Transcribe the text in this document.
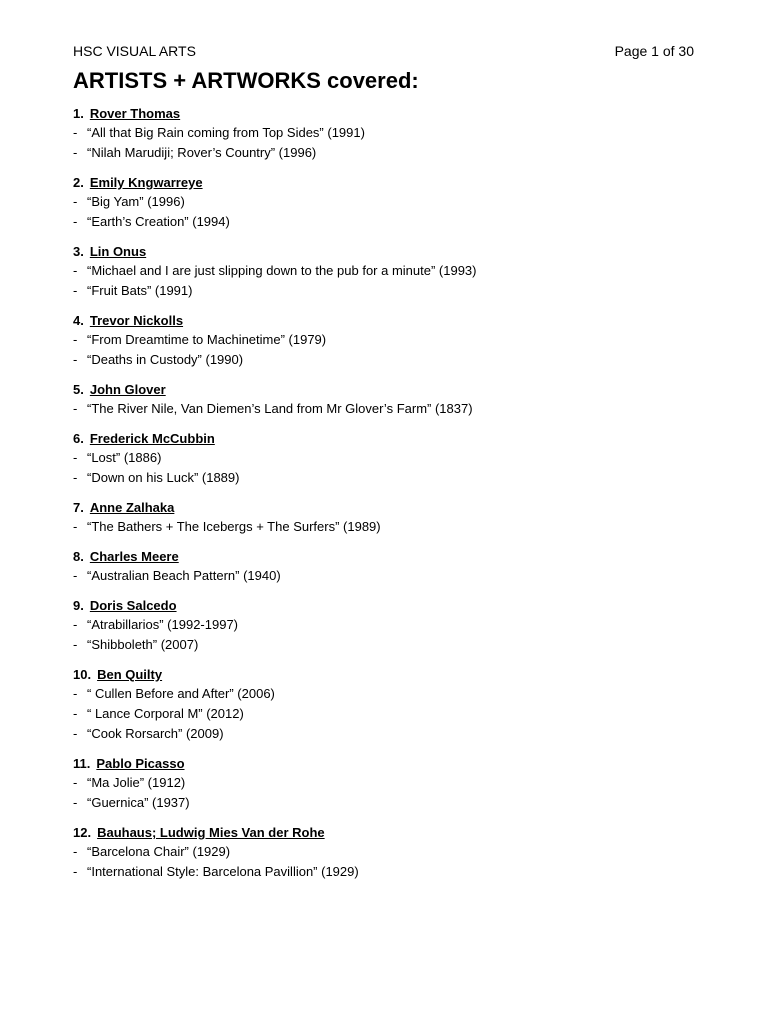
HSC VISUAL ARTS	Page 1 of 30
ARTISTS + ARTWORKS covered:
1. Rover Thomas
- “All that Big Rain coming from Top Sides” (1991)
- “Nilah Marudiji; Rover’s Country” (1996)
2. Emily Kngwarreye
- “Big Yam” (1996)
- “Earth’s Creation” (1994)
3. Lin Onus
- “Michael and I are just slipping down to the pub for a minute” (1993)
- “Fruit Bats” (1991)
4. Trevor Nickolls
- “From Dreamtime to Machinetime” (1979)
- “Deaths in Custody” (1990)
5. John Glover
- “The River Nile, Van Diemen’s Land from Mr Glover’s Farm” (1837)
6. Frederick McCubbin
- “Lost” (1886)
- “Down on his Luck” (1889)
7. Anne Zalhaka
- “The Bathers + The Icebergs + The Surfers” (1989)
8. Charles Meere
- “Australian Beach Pattern” (1940)
9. Doris Salcedo
- “Atrabillarios” (1992-1997)
- “Shibboleth” (2007)
10. Ben Quilty
- “ Cullen Before and After” (2006)
- “ Lance Corporal M” (2012)
- “Cook Rorsarch” (2009)
11. Pablo Picasso
- “Ma Jolie” (1912)
- “Guernica” (1937)
12. Bauhaus; Ludwig Mies Van der Rohe
- “Barcelona Chair” (1929)
- “International Style: Barcelona Pavillion” (1929)
